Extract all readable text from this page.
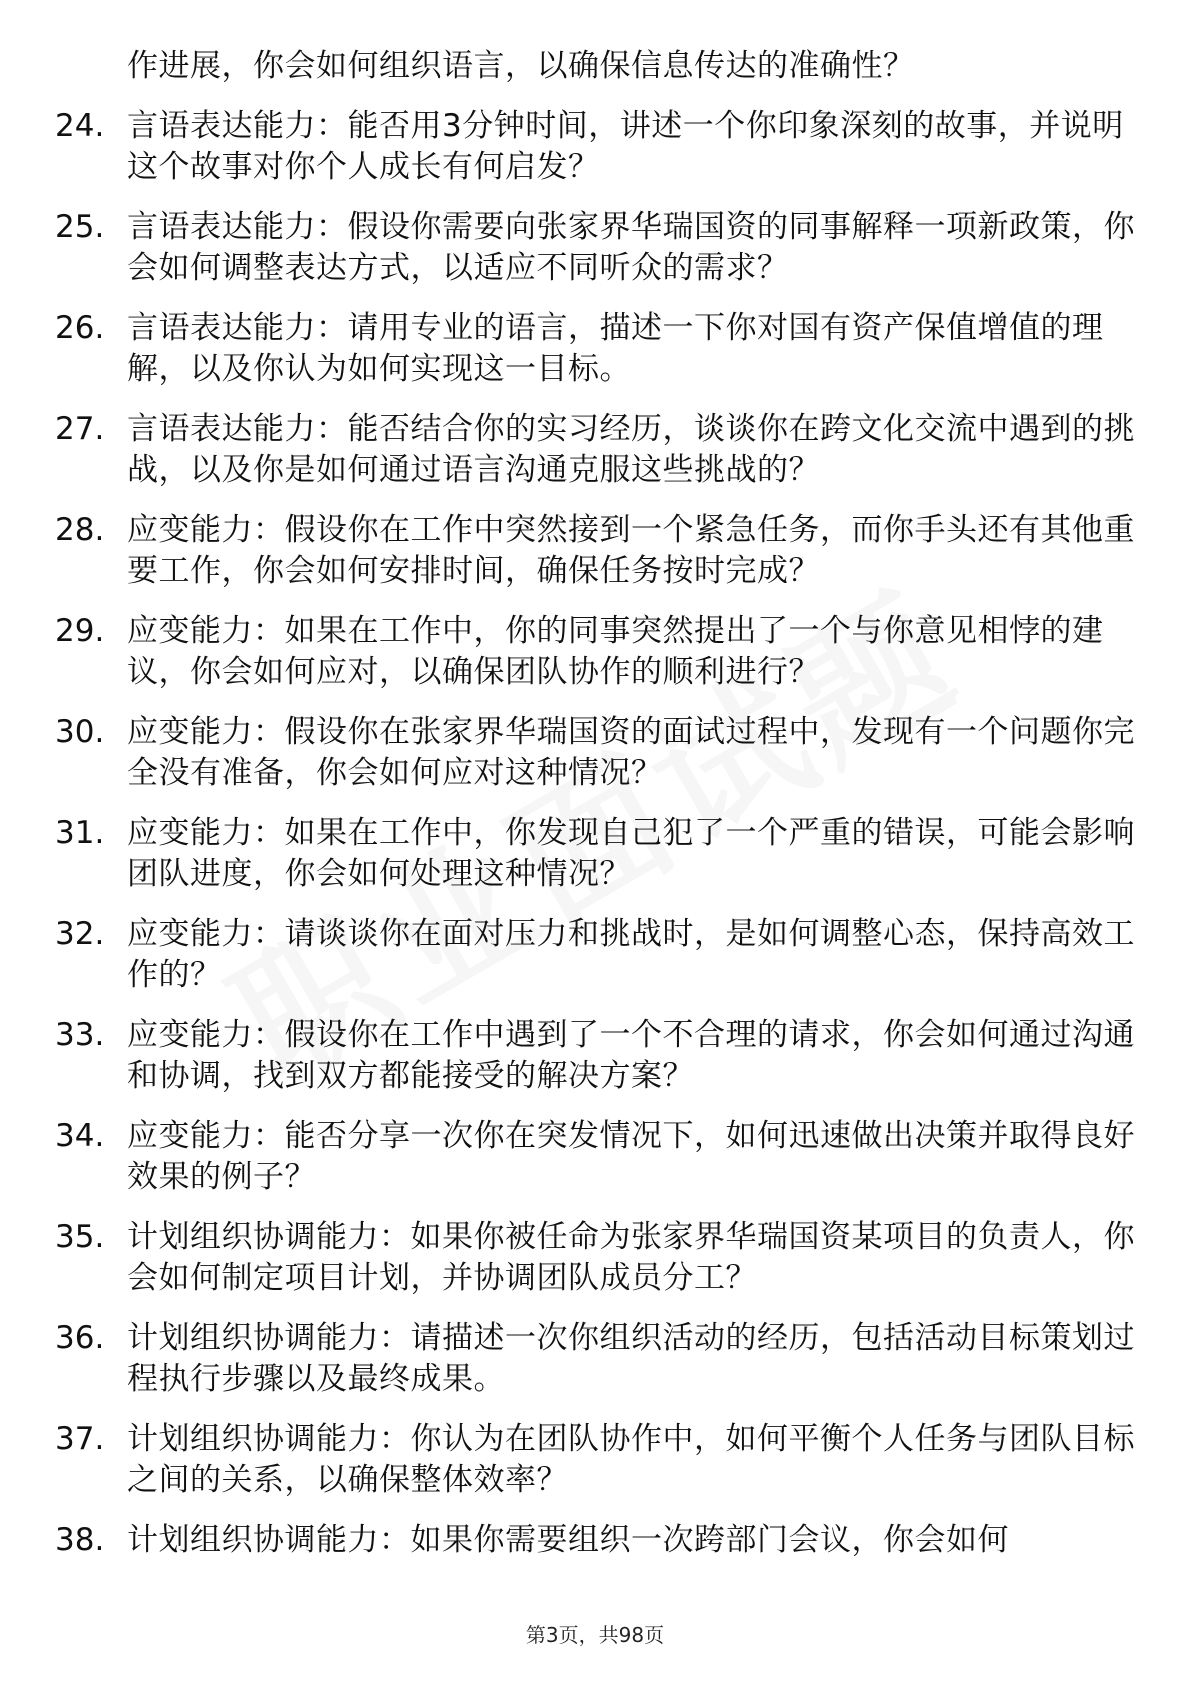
作进展，你会如何组织语言，以确保信息传达的准确性？
24. 言语表达能力：能否用3分钟时间，讲述一个你印象深刻的故事，并说明这个故事对你个人成长有何启发？
25. 言语表达能力：假设你需要向张家界华瑞国资的同事解释一项新政策，你会如何调整表达方式，以适应不同听众的需求？
26. 言语表达能力：请用专业的语言，描述一下你对国有资产保值增值的理解，以及你认为如何实现这一目标。
27. 言语表达能力：能否结合你的实习经历，谈谈你在跨文化交流中遇到的挑战，以及你是如何通过语言沟通克服这些挑战的？
28. 应变能力：假设你在工作中突然接到一个紧急任务，而你手头还有其他重要工作，你会如何安排时间，确保任务按时完成？
29. 应变能力：如果在工作中，你的同事突然提出了一个与你意见相悖的建议，你会如何应对，以确保团队协作的顺利进行？
30. 应变能力：假设你在张家界华瑞国资的面试过程中，发现有一个问题你完全没有准备，你会如何应对这种情况？
31. 应变能力：如果在工作中，你发现自己犯了一个严重的错误，可能会影响团队进度，你会如何处理这种情况？
32. 应变能力：请谈谈你在面对压力和挑战时，是如何调整心态，保持高效工作的？
33. 应变能力：假设你在工作中遇到了一个不合理的请求，你会如何通过沟通和协调，找到双方都能接受的解决方案？
34. 应变能力：能否分享一次你在突发情况下，如何迅速做出决策并取得良好效果的例子？
35. 计划组织协调能力：如果你被任命为张家界华瑞国资某项目的负责人，你会如何制定项目计划，并协调团队成员分工？
36. 计划组织协调能力：请描述一次你组织活动的经历，包括活动目标策划过程执行步骤以及最终成果。
37. 计划组织协调能力：你认为在团队协作中，如何平衡个人任务与团队目标之间的关系，以确保整体效率？
38. 计划组织协调能力：如果你需要组织一次跨部门会议，你会如何
第3页，共98页
